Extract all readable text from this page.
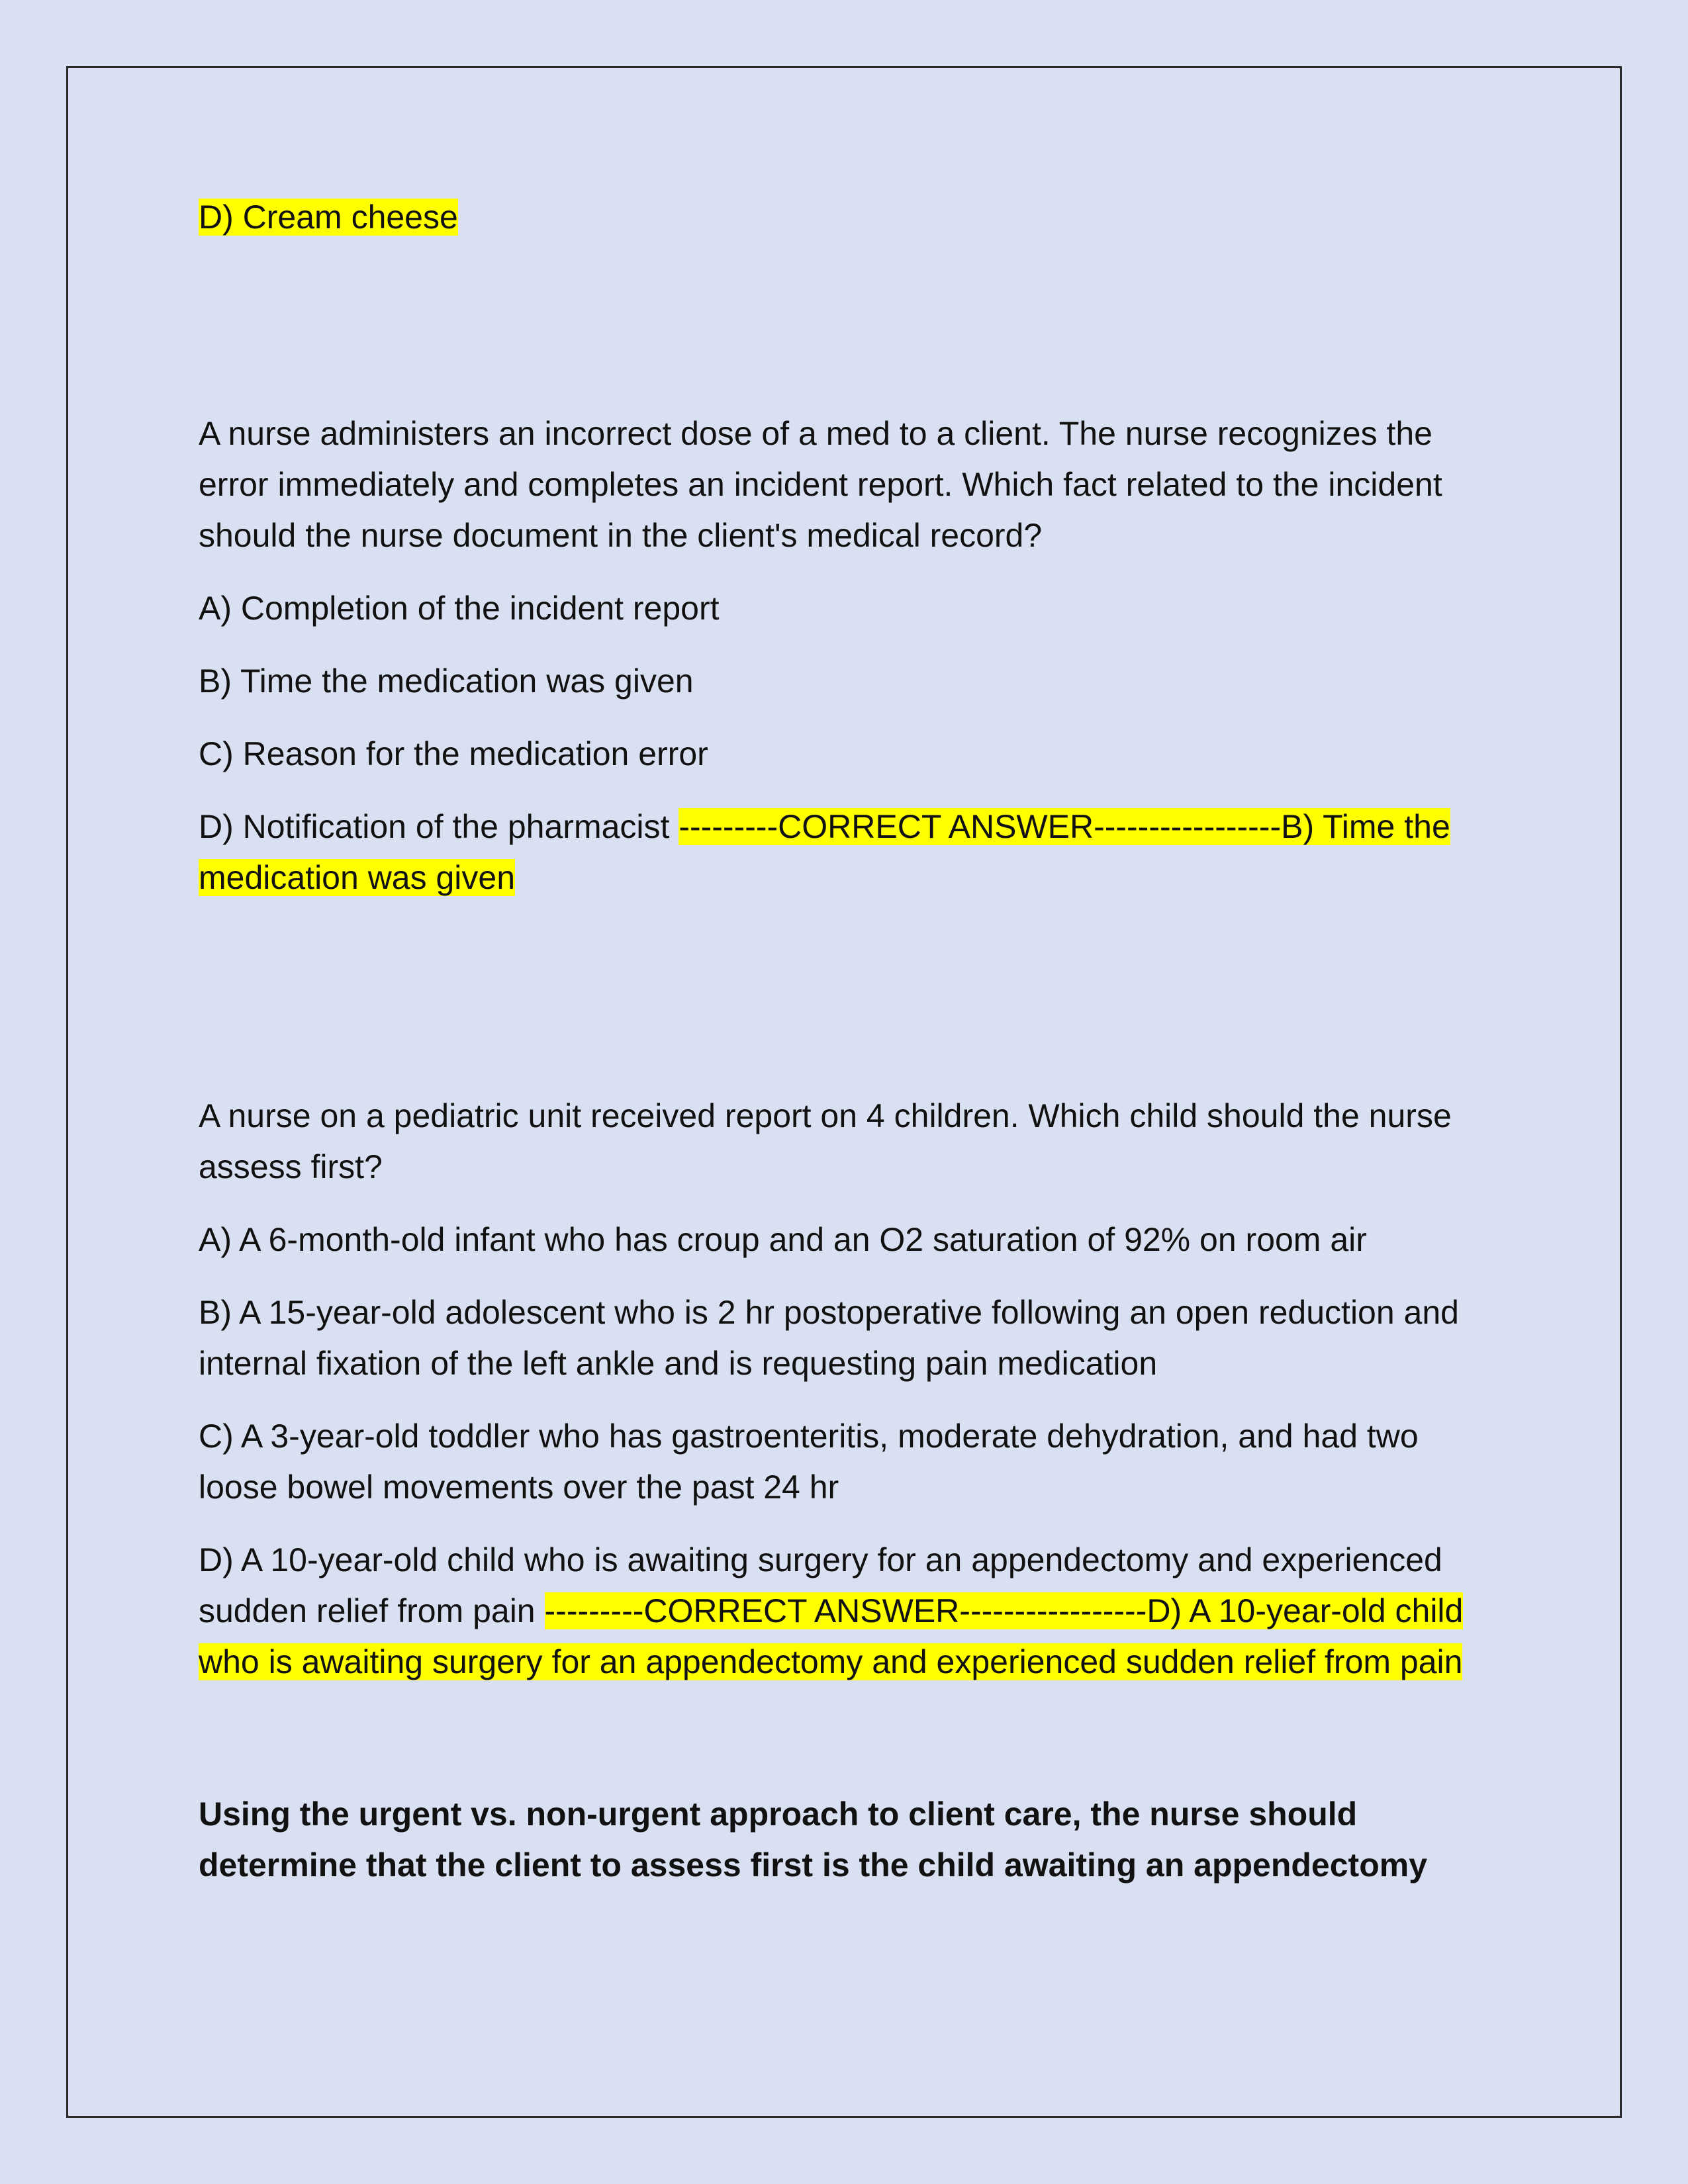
D) Cream cheese

A nurse administers an incorrect dose of a med to a client. The nurse recognizes the error immediately and completes an incident report. Which fact related to the incident should the nurse document in the client's medical record?

A) Completion of the incident report

B) Time the medication was given

C) Reason for the medication error

D) Notification of the pharmacist ---------CORRECT ANSWER-----------------B) Time the medication was given

A nurse on a pediatric unit received report on 4 children. Which child should the nurse assess first?

A) A 6-month-old infant who has croup and an O2 saturation of 92% on room air

B) A 15-year-old adolescent who is 2 hr postoperative following an open reduction and internal fixation of the left ankle and is requesting pain medication

C) A 3-year-old toddler who has gastroenteritis, moderate dehydration, and had two loose bowel movements over the past 24 hr

D) A 10-year-old child who is awaiting surgery for an appendectomy and experienced sudden relief from pain ---------CORRECT ANSWER-----------------D) A 10-year-old child who is awaiting surgery for an appendectomy and experienced sudden relief from pain

Using the urgent vs. non-urgent approach to client care, the nurse should determine that the client to assess first is the child awaiting an appendectomy
